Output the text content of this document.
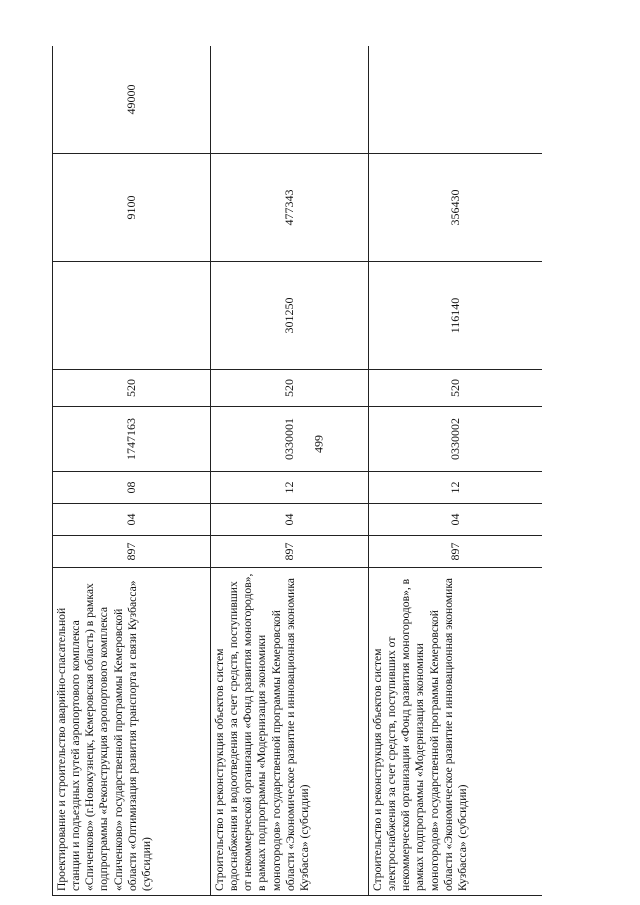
499
Проектирование и строительство аварийно-спасательной станции и подъездных путей аэропортового комплекса «Спиченково» (г.Новокузнецк, Кемеровская область) в рамках подпрограммы «Реконструкция аэропортового комплекса «Спиченково» государственной программы Кемеровской области «Оптимизация развития транспорта и связи Кузбасса» (субсидии)	897	04	08	1747163	520		9100	49000
Строительство и реконструкция объектов систем водоснабжения и водоотведения за счет средств, поступивших от некоммерческой организации «Фонд развития моногородов», в рамках подпрограммы «Модернизация экономики моногородов» государственной программы Кемеровской области «Экономическое развитие и инновационная экономика Кузбасса» (субсидии)	897	04	12	0330001	520	301250	477343	
Строительство и реконструкция объектов систем электроснабжения за счет средств, поступивших от некоммерческой организации «Фонд развития моногородов», в рамках подпрограммы «Модернизация экономики моногородов» государственной программы Кемеровской области «Экономическое развитие и инновационная экономика Кузбасса» (субсидии)	897	04	12	0330002	520	116140	356430	
